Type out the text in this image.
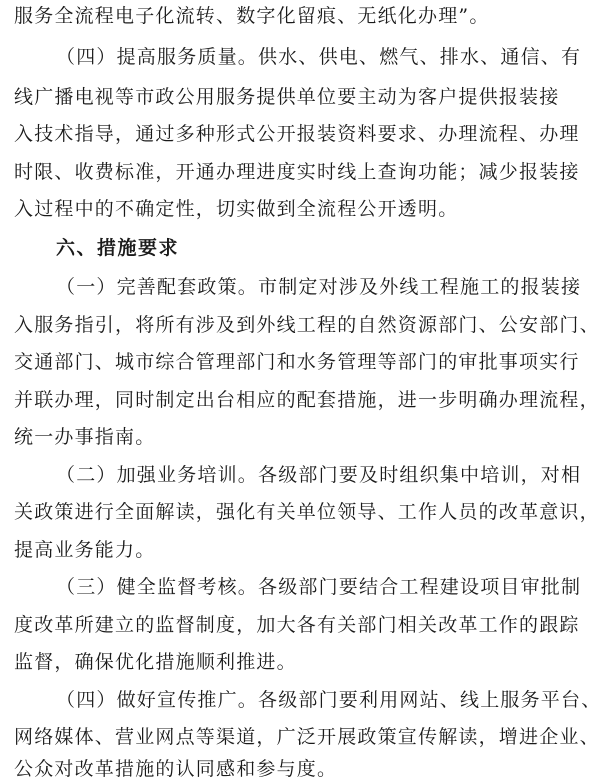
服务全流程电子化流转、数字化留痕、无纸化办理”。
（四）提高服务质量。供水、供电、燃气、排水、通信、有
线广播电视等市政公用服务提供单位要主动为客户提供报装接
入技术指导，通过多种形式公开报装资料要求、办理流程、办理
时限、收费标准，开通办理进度实时线上查询功能；减少报装接
入过程中的不确定性，切实做到全流程公开透明。
六、措施要求
（一）完善配套政策。市制定对涉及外线工程施工的报装接
入服务指引，将所有涉及到外线工程的自然资源部门、公安部门、
交通部门、城市综合管理部门和水务管理等部门的审批事项实行
并联办理，同时制定出台相应的配套措施，进一步明确办理流程，
统一办事指南。
（二）加强业务培训。各级部门要及时组织集中培训，对相
关政策进行全面解读，强化有关单位领导、工作人员的改革意识，
提高业务能力。
（三）健全监督考核。各级部门要结合工程建设项目审批制
度改革所建立的监督制度，加大各有关部门相关改革工作的跟踪
监督，确保优化措施顺利推进。
（四）做好宣传推广。各级部门要利用网站、线上服务平台、
网络媒体、营业网点等渠道，广泛开展政策宣传解读，增进企业、
公众对改革措施的认同感和参与度。
